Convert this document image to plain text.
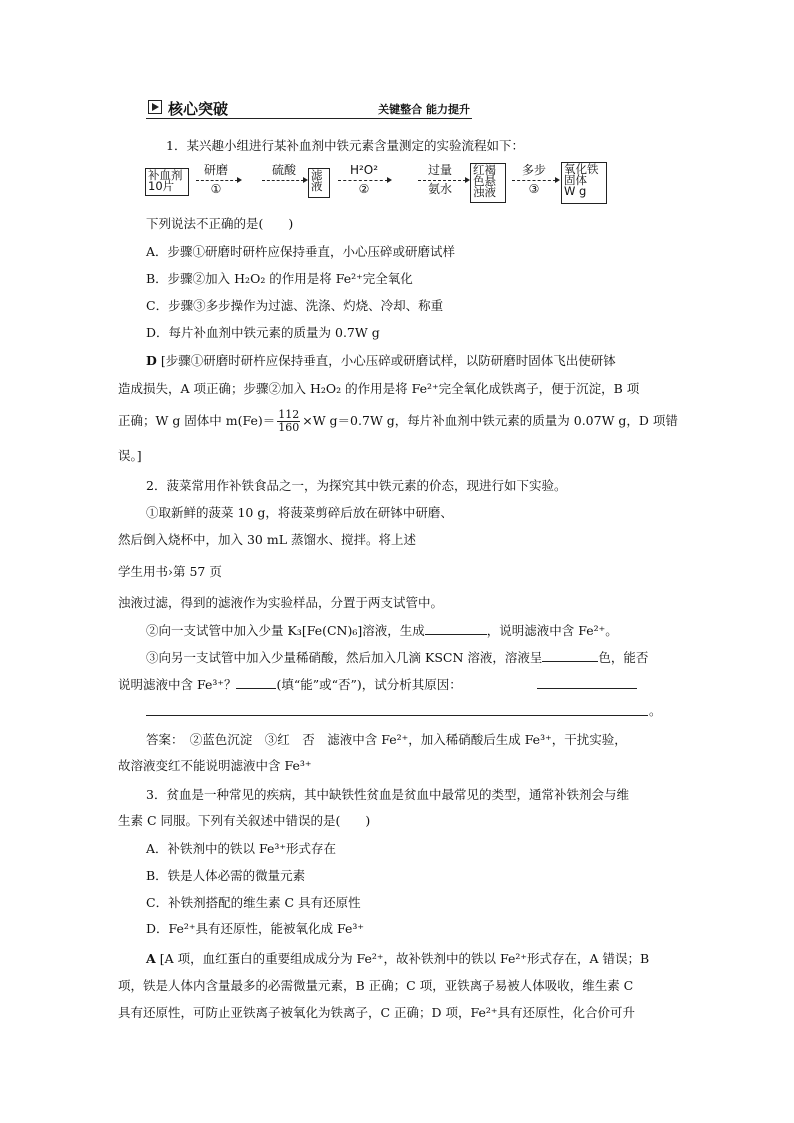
核心突破	关键整合 能力提升
1．某兴趣小组进行某补血剂中铁元素含量测定的实验流程如下：
补血剂
10片
研磨
①
硫酸	滤
液
H²O²
②
过量
氨水
红褐
色悬
浊液
多步
③
氧化铁
固体
W g
下列说法不正确的是(　　)
A．步骤①研磨时研杵应保持垂直，小心压碎或研磨试样
B．步骤②加入 H₂O₂ 的作用是将 Fe²⁺完全氧化
C．步骤③多步操作为过滤、洗涤、灼烧、冷却、称重
D．每片补血剂中铁元素的质量为 0.7W g
D [步骤①研磨时研杵应保持垂直，小心压碎或研磨试样，以防研磨时固体飞出使研钵
造成损失，A 项正确；步骤②加入 H₂O₂ 的作用是将 Fe²⁺完全氧化成铁离子，便于沉淀，B 项
正确；W g 固体中 $m(Fe)= \frac{112}{160} \times W$ g＝0.7W g，每片补血剂中铁元素的质量为 0.07W g，D 项错
误。]
2．菠菜常用作补铁食品之一，为探究其中铁元素的价态，现进行如下实验。
①取新鲜的菠菜 10 g，将菠菜剪碎后放在研钵中研磨、
然后倒入烧杯中，加入 30 mL 蒸馏水、搅拌。将上述
学生用书›第 57 页
浊液过滤，得到的滤液作为实验样品，分置于两支试管中。
②向一支试管中加入少量 K₃[Fe(CN)₆]溶液，生成	，说明滤液中含 Fe²⁺。
③向另一支试管中加入少量稀硝酸，然后加入几滴 KSCN 溶液，溶液呈	色，能否
说明滤液中含 Fe³⁺？	(填“能”或“否”)，试分析其原因：
。
答案：　②蓝色沉淀　③红　否　滤液中含 Fe²⁺，加入稀硝酸后生成 Fe³⁺，干扰实验，
故溶液变红不能说明滤液中含 Fe³⁺
3．贫血是一种常见的疾病，其中缺铁性贫血是贫血中最常见的类型，通常补铁剂会与维
生素 C 同服。下列有关叙述中错误的是(　　)
A．补铁剂中的铁以 Fe³⁺形式存在
B．铁是人体必需的微量元素
C．补铁剂搭配的维生素 C 具有还原性
D．Fe²⁺具有还原性，能被氧化成 Fe³⁺
A [A 项，血红蛋白的重要组成成分为 Fe²⁺，故补铁剂中的铁以 Fe²⁺形式存在，A 错误；B
项，铁是人体内含量最多的必需微量元素，B 正确；C 项，亚铁离子易被人体吸收，维生素 C
具有还原性，可防止亚铁离子被氧化为铁离子，C 正确；D 项，Fe²⁺具有还原性，化合价可升
